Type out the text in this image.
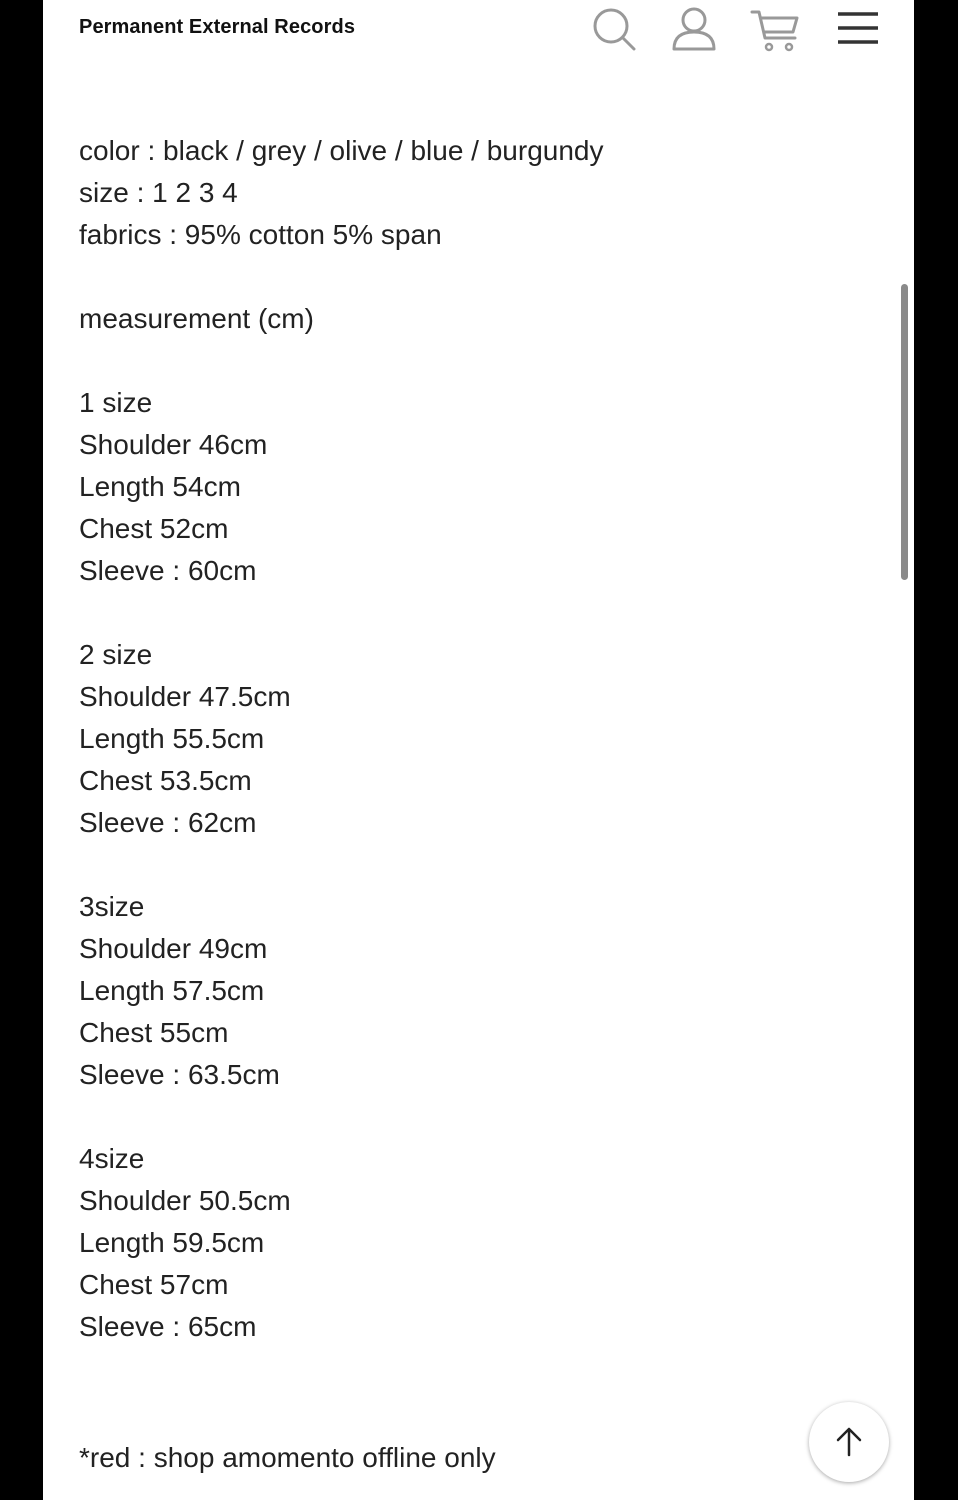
Permanent External Records
color : black / grey / olive / blue / burgundy
size : 1 2 3 4
fabrics : 95% cotton 5% span
measurement (cm)
1 size
Shoulder 46cm
Length 54cm
Chest 52cm
Sleeve : 60cm
2 size
Shoulder 47.5cm
Length 55.5cm
Chest 53.5cm
Sleeve : 62cm
3size
Shoulder 49cm
Length 57.5cm
Chest 55cm
Sleeve : 63.5cm
4size
Shoulder 50.5cm
Length 59.5cm
Chest 57cm
Sleeve : 65cm
*red : shop amomento offline only
